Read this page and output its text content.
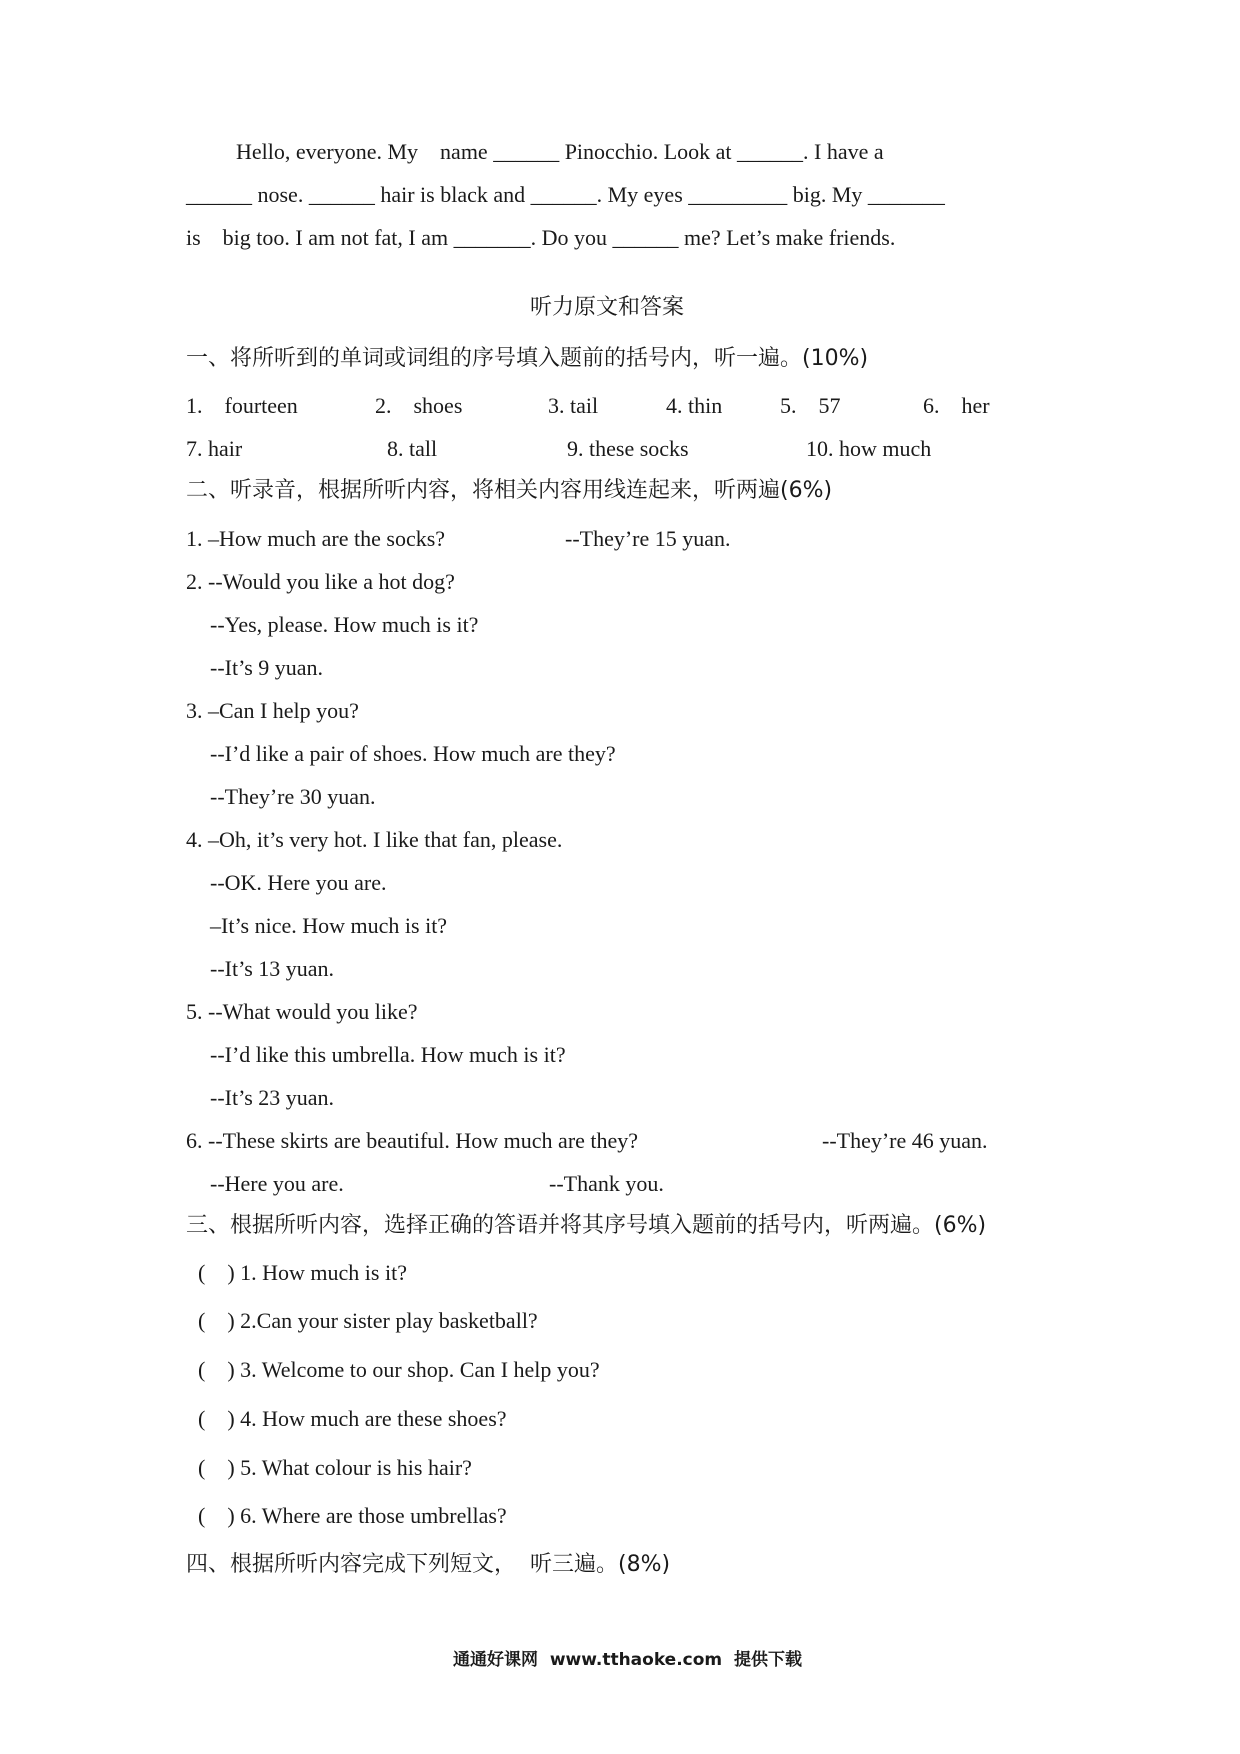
Hello, everyone. My    name ______ Pinocchio. Look at ______. I have a
______ nose. ______ hair is black and ______. My eyes _________ big. My _______
is    big too. I am not fat, I am _______. Do you ______ me? Let’s make friends.
听力原文和答案
一、将所听到的单词或词组的序号填入题前的括号内，听一遍。(10%)
1.    fourteen	2.    shoes	3. tail	4. thin	5.    57	6.    her
7. hair	8. tall	9. these socks	10. how much
二、听录音，根据所听内容，将相关内容用线连起来，听两遍(6%)
1. –How much are the socks?	--They’re 15 yuan.
2. --Would you like a hot dog?
--Yes, please. How much is it?
--It’s 9 yuan.
3. –Can I help you?
--I’d like a pair of shoes. How much are they?
--They’re 30 yuan.
4. –Oh, it’s very hot. I like that fan, please.
--OK. Here you are.
–It’s nice. How much is it?
--It’s 13 yuan.
5. --What would you like?
--I’d like this umbrella. How much is it?
--It’s 23 yuan.
6. --These skirts are beautiful. How much are they?	--They’re 46 yuan.
--Here you are.	--Thank you.
三、根据所听内容，选择正确的答语并将其序号填入题前的括号内，听两遍。(6%)
(    ) 1. How much is it?
(    ) 2.Can your sister play basketball?
(    ) 3. Welcome to our shop. Can I help you?
(    ) 4. How much are these shoes?
(    ) 5. What colour is his hair?
(    ) 6. Where are those umbrellas?
四、根据所听内容完成下列短文，  听三遍。(8%)
通通好课网  www.tthaoke.com  提供下载
